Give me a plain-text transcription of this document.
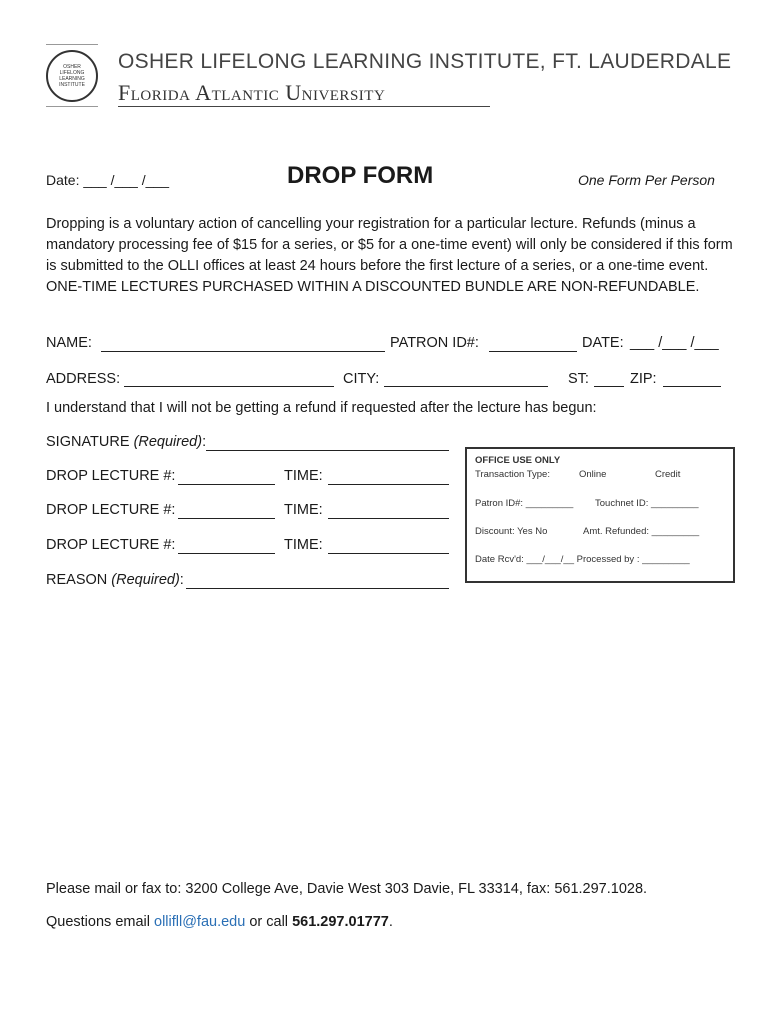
OSHER LIFELONG LEARNING INSTITUTE
OSHER LIFELONG LEARNING INSTITUTE, FT. LAUDERDALE
Florida Atlantic University
Date: ___ /___ /___	DROP FORM	One Form Per Person
Dropping is a voluntary action of cancelling your registration for a particular lecture. Refunds (minus a mandatory processing fee of $15 for a series, or $5 for a one-time event) will only be considered if this form is submitted to the OLLI offices at least 24 hours before the first lecture of a series, or a one-time event. ONE-TIME LECTURES PURCHASED WITHIN A DISCOUNTED BUNDLE ARE NON-REFUNDABLE.
NAME:	PATRON ID#:	DATE: ___ /___ /___
ADDRESS:	CITY:	ST:	ZIP:
I understand that I will not be getting a refund if requested after the lecture has begun:
SIGNATURE (Required):
DROP LECTURE #:	TIME:
DROP LECTURE #:	TIME:
DROP LECTURE #:	TIME:
REASON (Required):
OFFICE USE ONLY
Transaction Type:	Online	Credit
Patron ID#: _________ Touchnet ID: _________
Discount: Yes No	Amt. Refunded: _________
Date Rcv'd: ___/___/__ Processed by : _________
Please mail or fax to: 3200 College Ave, Davie West 303 Davie, FL 33314, fax: 561.297.1028.
Questions email ollifll@fau.edu or call 561.297.01777.
